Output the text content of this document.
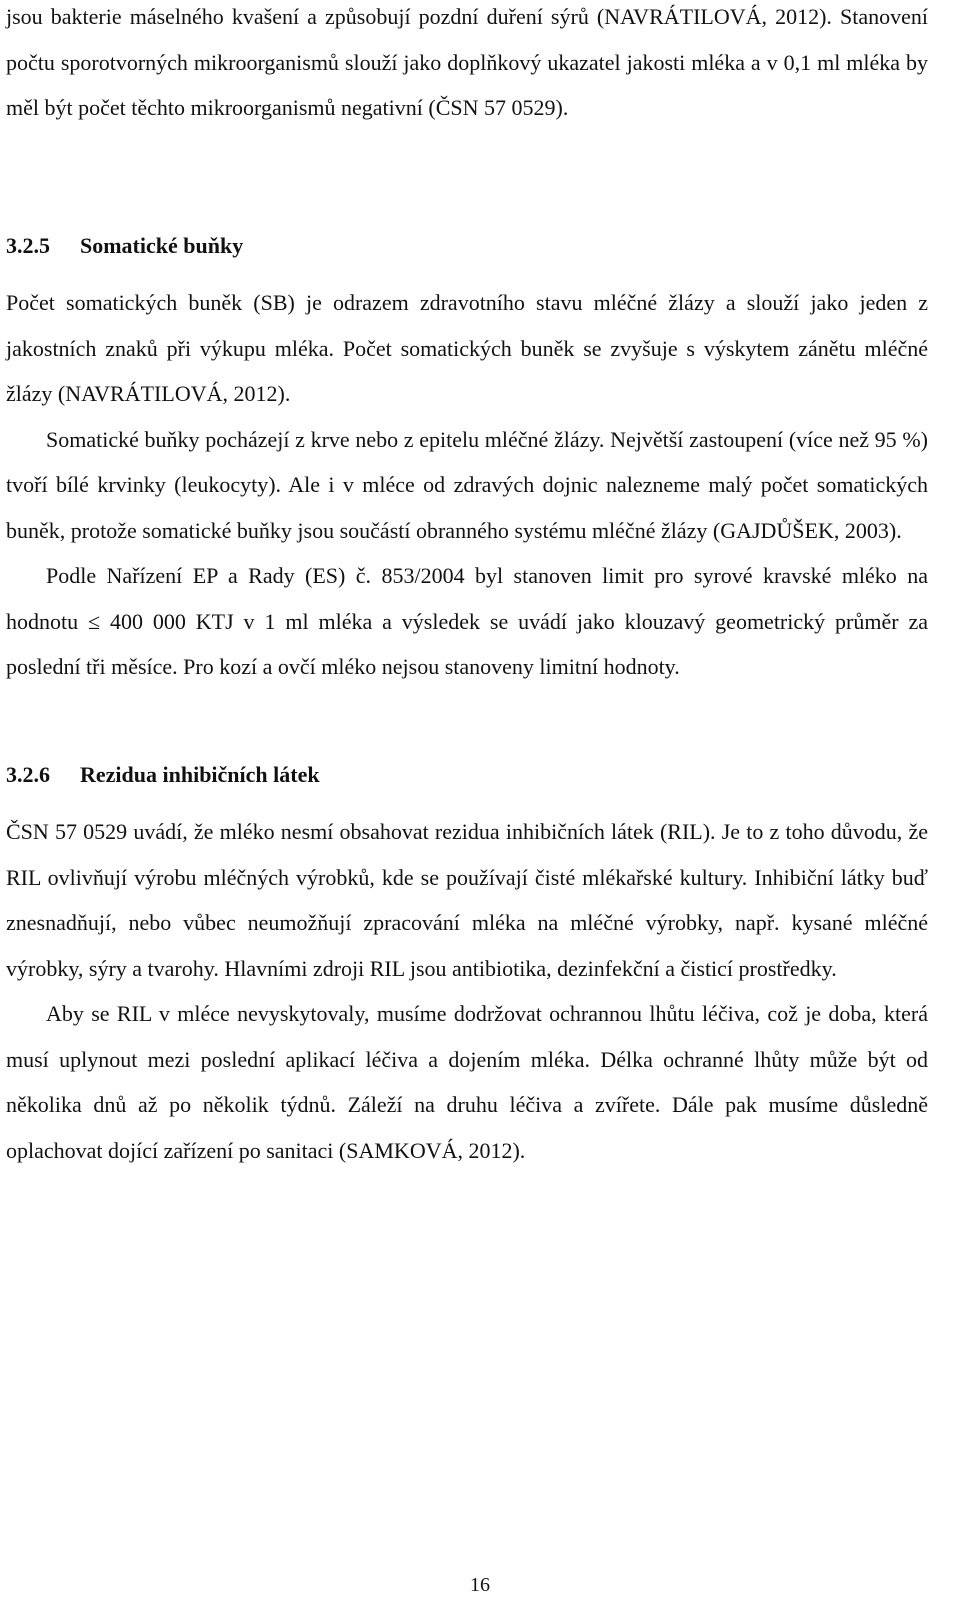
jsou bakterie máselného kvašení a způsobují pozdní duření sýrů (NAVRÁTILOVÁ, 2012). Stanovení počtu sporotvorných mikroorganismů slouží jako doplňkový ukazatel jakosti mléka a v 0,1 ml mléka by měl být počet těchto mikroorganismů negativní (ČSN 57 0529).

3.2.5 Somatické buňky

Počet somatických buněk (SB) je odrazem zdravotního stavu mléčné žlázy a slouží jako jeden z jakostních znaků při výkupu mléka. Počet somatických buněk se zvyšuje s výskytem zánětu mléčné žlázy (NAVRÁTILOVÁ, 2012).

Somatické buňky pocházejí z krve nebo z epitelu mléčné žlázy. Největší zastoupení (více než 95 %) tvoří bílé krvinky (leukocyty). Ale i v mléce od zdravých dojnic nalezneme malý počet somatických buněk, protože somatické buňky jsou součástí obranného systému mléčné žlázy (GAJDŮŠEK, 2003).

Podle Nařízení EP a Rady (ES) č. 853/2004 byl stanoven limit pro syrové kravské mléko na hodnotu ≤ 400 000 KTJ v 1 ml mléka a výsledek se uvádí jako klouzavý geometrický průměr za poslední tři měsíce. Pro kozí a ovčí mléko nejsou stanoveny limitní hodnoty.

3.2.6 Rezidua inhibičních látek

ČSN 57 0529 uvádí, že mléko nesmí obsahovat rezidua inhibičních látek (RIL). Je to z toho důvodu, že RIL ovlivňují výrobu mléčných výrobků, kde se používají čisté mlékařské kultury. Inhibiční látky buď znesnadňují, nebo vůbec neumožňují zpracování mléka na mléčné výrobky, např. kysané mléčné výrobky, sýry a tvarohy. Hlavními zdroji RIL jsou antibiotika, dezinfekční a čisticí prostředky.

Aby se RIL v mléce nevyskytovaly, musíme dodržovat ochrannou lhůtu léčiva, což je doba, která musí uplynout mezi poslední aplikací léčiva a dojením mléka. Délka ochranné lhůty může být od několika dnů až po několik týdnů. Záleží na druhu léčiva a zvířete. Dále pak musíme důsledně oplachovat dojící zařízení po sanitaci (SAMKOVÁ, 2012).

16
